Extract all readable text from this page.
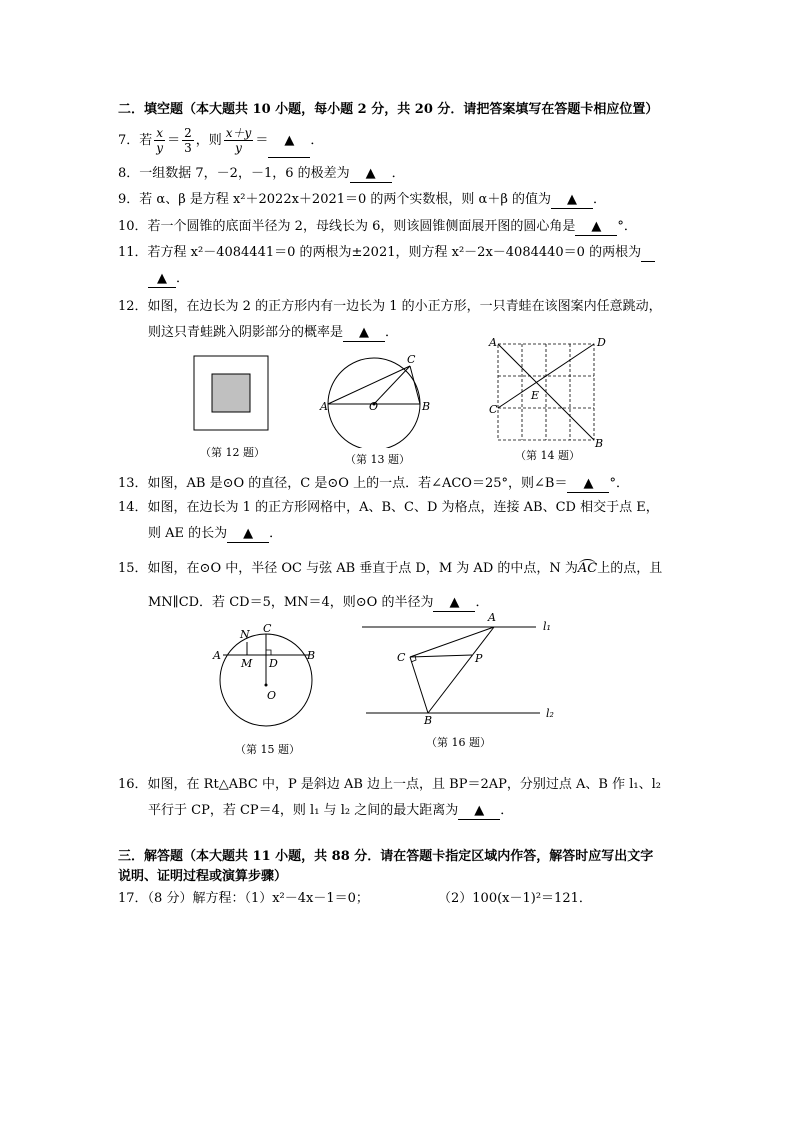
二．填空题（本大题共 10 小题，每小题 2 分，共 20 分．请把答案填写在答题卡相应位置）
7．若 $\frac{x}{y} = \frac{2}{3}$ ，则 $\frac{x+y}{y}$ ＝ ▲ ．
8．一组数据 7，－2，－1，6 的极差为 ▲ ．
9．若 α、β 是方程 x²＋2022x＋2021＝0 的两个实数根，则 α＋β 的值为 ▲ ．
10．若一个圆锥的底面半径为 2，母线长为 6，则该圆锥侧面展开图的圆心角是 ▲ °．
11．若方程 x²－4084441＝0 的两根为±2021，则方程 x²－2x－4084440＝0 的两根为
▲ ．
12．如图，在边长为 2 的正方形内有一边长为 1 的小正方形，一只青蛙在该图案内任意跳动，
则这只青蛙跳入阴影部分的概率是 ▲ ．
（第 12 题）
A	O	B
C
（第 13 题）
A	D
E
C
B
（第 14 题）
13．如图，AB 是⊙O 的直径，C 是⊙O 上的一点．若∠ACO＝25°，则∠B＝ ▲ °．
14．如图，在边长为 1 的正方形网格中，A、B、C、D 为格点，连接 AB、CD 相交于点 E，
则 AE 的长为 ▲ ．
15．如图，在⊙O 中，半径 OC 与弦 AB 垂直于点 D，M 为 AD 的中点，N 为AC上的点，且
MN∥CD．若 CD＝5，MN＝4，则⊙O 的半径为 ▲ ．
N C
A
M D
B
O
（第 15 题）
A
l₁
C	P
B
l₂
（第 16 题）
16．如图，在 Rt△ABC 中，P 是斜边 AB 边上一点，且 BP＝2AP，分别过点 A、B 作 l₁、l₂
平行于 CP，若 CP＝4，则 l₁ 与 l₂ 之间的最大距离为 ▲ ．
三．解答题（本大题共 11 小题，共 88 分．请在答题卡指定区域内作答，解答时应写出文字
说明、证明过程或演算步骤）
17．（8 分）解方程：（1）x²－4x－1＝0；	（2）100(x－1)²＝121．
